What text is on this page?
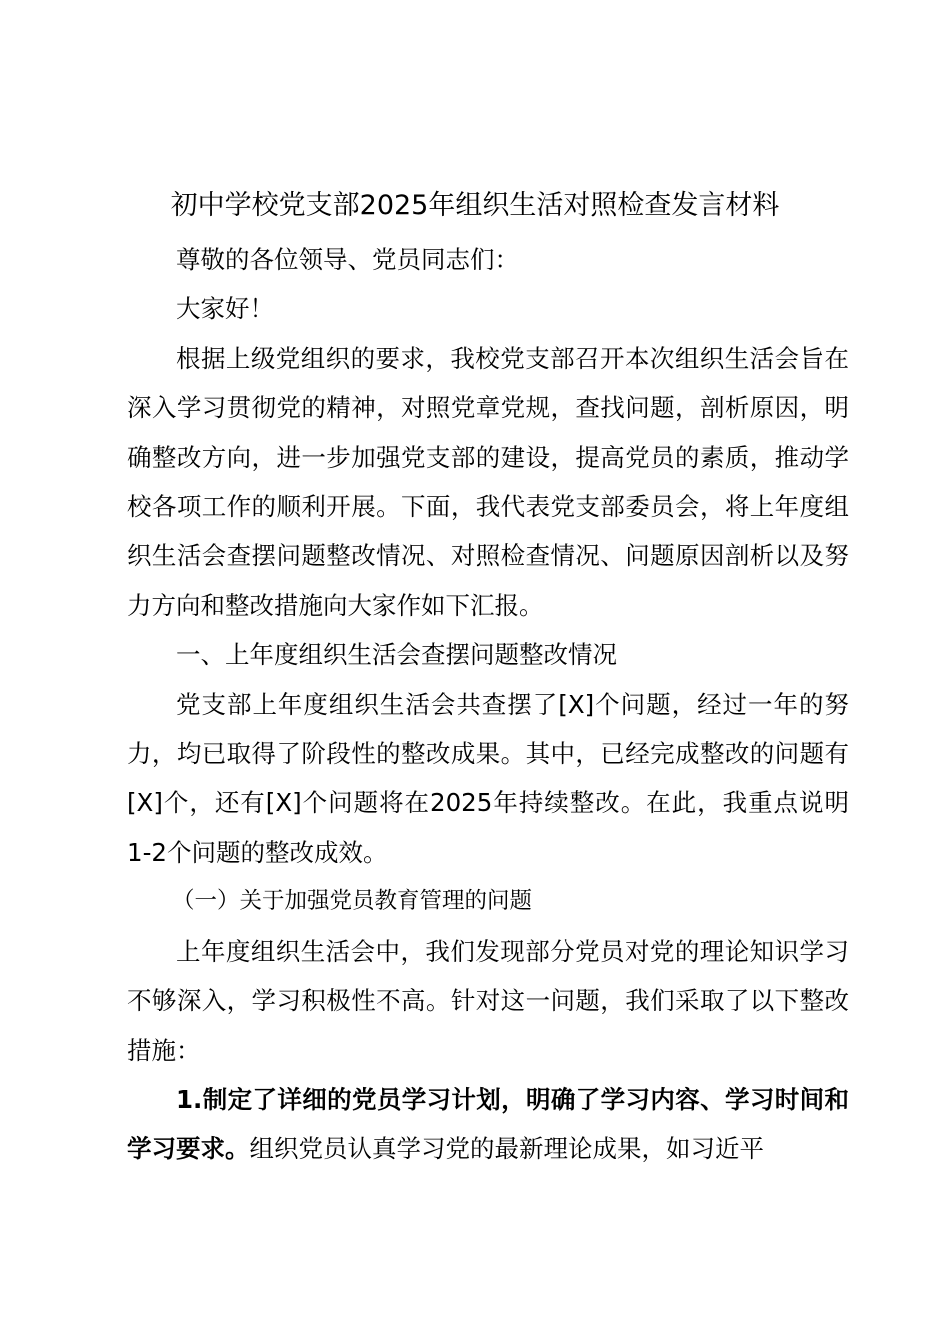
初中学校党支部2025年组织生活对照检查发言材料

尊敬的各位领导、党员同志们：

大家好！

根据上级党组织的要求，我校党支部召开本次组织生活会旨在深入学习贯彻党的精神，对照党章党规，查找问题，剖析原因，明确整改方向，进一步加强党支部的建设，提高党员的素质，推动学校各项工作的顺利开展。下面，我代表党支部委员会，将上年度组织生活会查摆问题整改情况、对照检查情况、问题原因剖析以及努力方向和整改措施向大家作如下汇报。

一、上年度组织生活会查摆问题整改情况

党支部上年度组织生活会共查摆了[X]个问题，经过一年的努力，均已取得了阶段性的整改成果。其中，已经完成整改的问题有[X]个，还有[X]个问题将在2025年持续整改。在此，我重点说明1-2个问题的整改成效。

（一）关于加强党员教育管理的问题

上年度组织生活会中，我们发现部分党员对党的理论知识学习不够深入，学习积极性不高。针对这一问题，我们采取了以下整改措施：

1.制定了详细的党员学习计划，明确了学习内容、学习时间和学习要求。组织党员认真学习党的最新理论成果，如习近平
